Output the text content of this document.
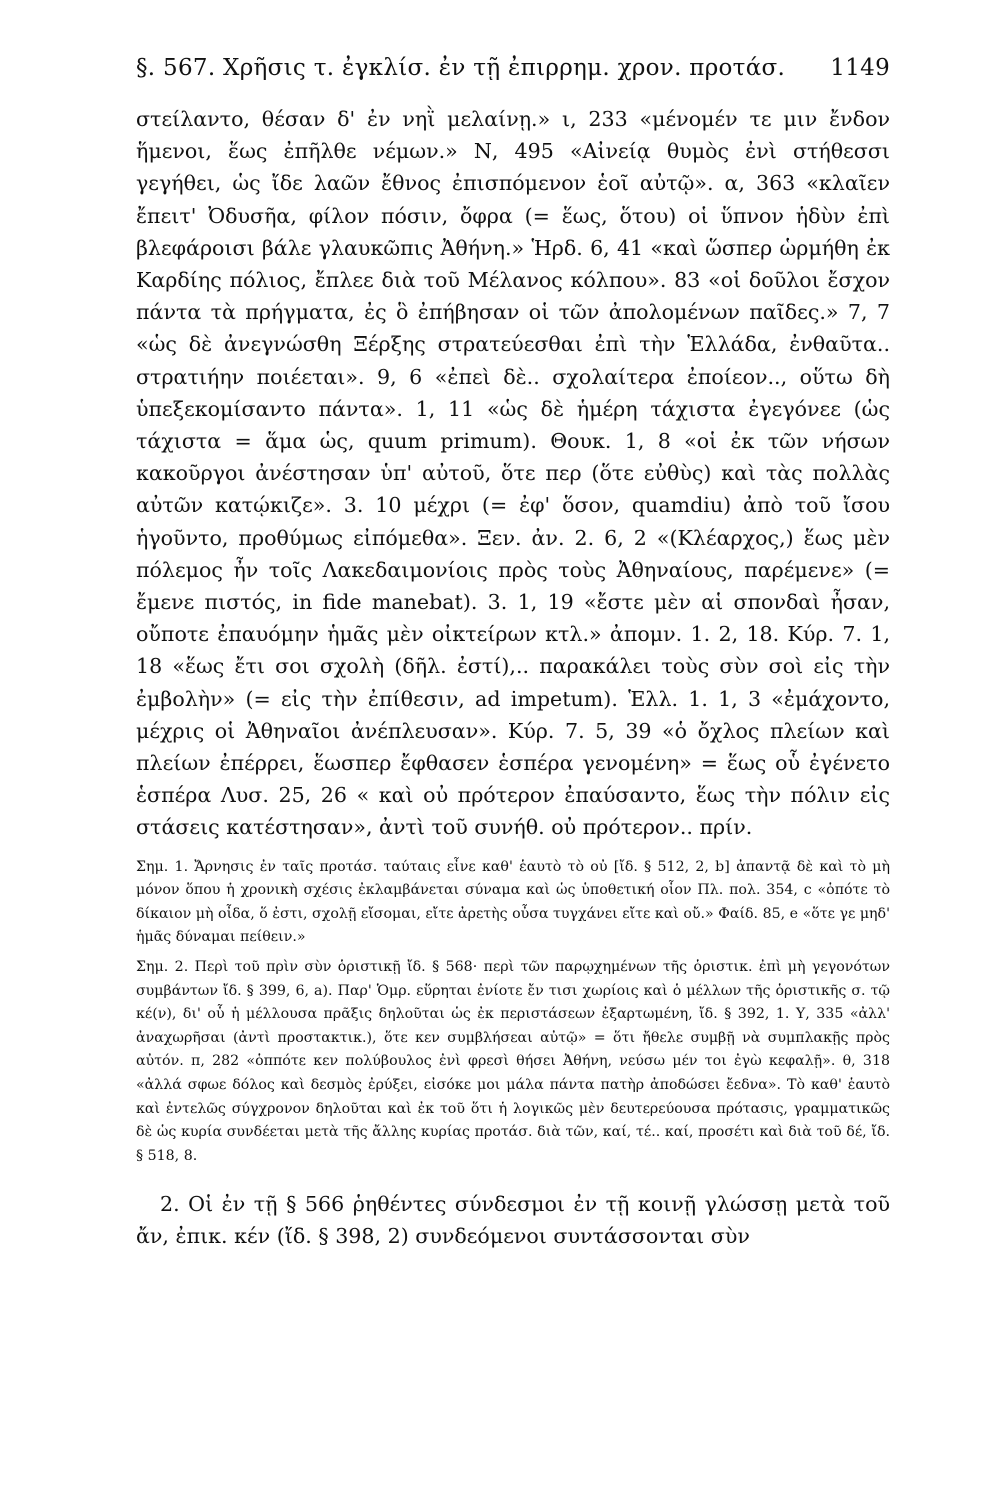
§. 567. Χρῆσις τ. ἐγκλίσ. ἐν τῇ ἐπιρρημ. χρον. προτάσ. 1149

στείλαντο, θέσαν δ' ἐν νηῒ μελαίνῃ.» ι, 233 «μένομέν τε μιν ἔνδον ἥμενοι, ἕως ἐπῆλθε νέμων.» Ν, 495 «Αἰνείᾳ θυμὸς ἐνὶ στήθεσσι γεγήθει, ὡς ἴδε λαῶν ἔθνος ἐπισπόμενον ἑοῖ αὐτῷ». α, 363 «κλαῖεν ἔπειτ' Ὀδυσῆα, φίλον πόσιν, ὄφρα (= ἕως, ὅτου) οἱ ὕπνον ἡδὺν ἐπὶ βλεφάροισι βάλε γλαυκῶπις Ἀθήνη.» Ἡρδ. 6, 41 «καὶ ὥσπερ ὡρμήθη ἐκ Καρδίης πόλιος, ἔπλεε διὰ τοῦ Μέλανος κόλπου». 83 «οἱ δοῦλοι ἔσχον πάντα τὰ πρήγματα, ἐς ὃ ἐπήβησαν οἱ τῶν ἀπολομένων παῖδες.» 7, 7 «ὡς δὲ ἀνεγνώσθη Ξέρξης στρατεύεσθαι ἐπὶ τὴν Ἑλλάδα, ἐνθαῦτα.. στρατιήην ποιέεται». 9, 6 «ἐπεὶ δὲ.. σχολαίτερα ἐποίεον.., οὕτω δὴ ὑπεξεκομίσαντο πάντα». 1, 11 «ὡς δὲ ἡμέρη τάχιστα ἐγεγόνεε (ὡς τάχιστα = ἅμα ὡς, quum primum). Θουκ. 1, 8 «οἱ ἐκ τῶν νήσων κακοῦργοι ἀνέστησαν ὑπ' αὐτοῦ, ὅτε περ (ὅτε εὐθὺς) καὶ τὰς πολλὰς αὐτῶν κατῴκιζε». 3. 10 μέχρι (= ἐφ' ὅσον, quamdiu) ἀπὸ τοῦ ἴσου ἡγοῦντο, προθύμως εἰπόμεθα». Ξεν. ἀν. 2. 6, 2 «(Κλέαρχος,) ἕως μὲν πόλεμος ἦν τοῖς Λακεδαιμονίοις πρὸς τοὺς Ἀθηναίους, παρέμενε» (= ἔμενε πιστός, in fide manebat). 3. 1, 19 «ἔστε μὲν αἱ σπονδαὶ ἦσαν, οὔποτε ἐπαυόμην ἡμᾶς μὲν οἰκτείρων κτλ.» ἀπομν. 1. 2, 18. Κύρ. 7. 1, 18 «ἕως ἔτι σοι σχολὴ (δῆλ. ἐστί),.. παρακάλει τοὺς σὺν σοὶ εἰς τὴν ἐμβολὴν» (= εἰς τὴν ἐπίθεσιν, ad impetum). Ἑλλ. 1. 1, 3 «ἐμάχοντο, μέχρις οἱ Ἀθηναῖοι ἀνέπλευσαν». Κύρ. 7. 5, 39 «ὁ ὄχλος πλείων καὶ πλείων ἐπέρρει, ἕωσπερ ἔφθασεν ἑσπέρα γενομένη» = ἕως οὗ ἐγένετο ἑσπέρα Λυσ. 25, 26 « καὶ οὐ πρότερον ἐπαύσαντο, ἕως τὴν πόλιν εἰς στάσεις κατέστησαν», ἀντὶ τοῦ συνήθ. οὐ πρότερον.. πρίν.

Σημ. 1. Ἄρνησις ἐν ταῖς προτάσ. ταύταις εἶνε καθ' ἑαυτὸ τὸ οὐ [ἴδ. § 512, 2, b] ἀπαντᾷ δὲ καὶ τὸ μὴ μόνον ὅπου ἡ χρονικὴ σχέσις ἐκλαμβάνεται σύναμα καὶ ὡς ὑποθετική οἷον Πλ. πολ. 354, c «ὁπότε τὸ δίκαιον μὴ οἶδα, ὅ ἐστι, σχολῇ εἴσομαι, εἴτε ἀρετὴς οὖσα τυγχάνει εἴτε καὶ οὔ.» Φαίδ. 85, e «ὅτε γε μηδ' ἡμᾶς δύναμαι πείθειν.»

Σημ. 2. Περὶ τοῦ πρὶν σὺν ὁριστικῇ ἴδ. § 568· περὶ τῶν παρῳχημένων τῆς ὁριστικ. ἐπὶ μὴ γεγονότων συμβάντων ἴδ. § 399, 6, a). Παρ' Ὁμρ. εὕρηται ἐνίοτε ἔν τισι χωρίοις καὶ ὁ μέλλων τῆς ὁριστικῆς σ. τῷ κέ(ν), δι' οὗ ἡ μέλλουσα πρᾶξις δηλοῦται ὡς ἐκ περιστάσεων ἐξαρτωμένη, ἴδ. § 392, 1. Υ, 335 «ἀλλ' ἀναχωρῆσαι (ἀντὶ προστακτικ.), ὅτε κεν συμβλήσεαι αὐτῷ» = ὅτι ἤθελε συμβῇ νὰ συμπλακῇς πρὸς αὐτόν. π, 282 «ὁππότε κεν πολύβουλος ἐνὶ φρεσὶ θήσει Ἀθήνη, νεύσω μέν τοι ἐγὼ κεφαλῇ». θ, 318 «ἀλλά σφωε δόλος καὶ δεσμὸς ἐρύξει, εἰσόκε μοι μάλα πάντα πατὴρ ἀποδώσει ἔεδνα». Τὸ καθ' ἑαυτὸ καὶ ἐντελῶς σύγχρονον δηλοῦται καὶ ἐκ τοῦ ὅτι ἡ λογικῶς μὲν δευτερεύουσα πρότασις, γραμματικῶς δὲ ὡς κυρία συνδέεται μετὰ τῆς ἄλλης κυρίας προτάσ. διὰ τῶν, καί, τέ.. καί, προσέτι καὶ διὰ τοῦ δέ, ἴδ. § 518, 8.

2. Οἱ ἐν τῇ § 566 ῥηθέντες σύνδεσμοι ἐν τῇ κοινῇ γλώσσῃ μετὰ τοῦ ἄν, ἐπικ. κέν (ἴδ. § 398, 2) συνδεόμενοι συντάσσονται σὺν
